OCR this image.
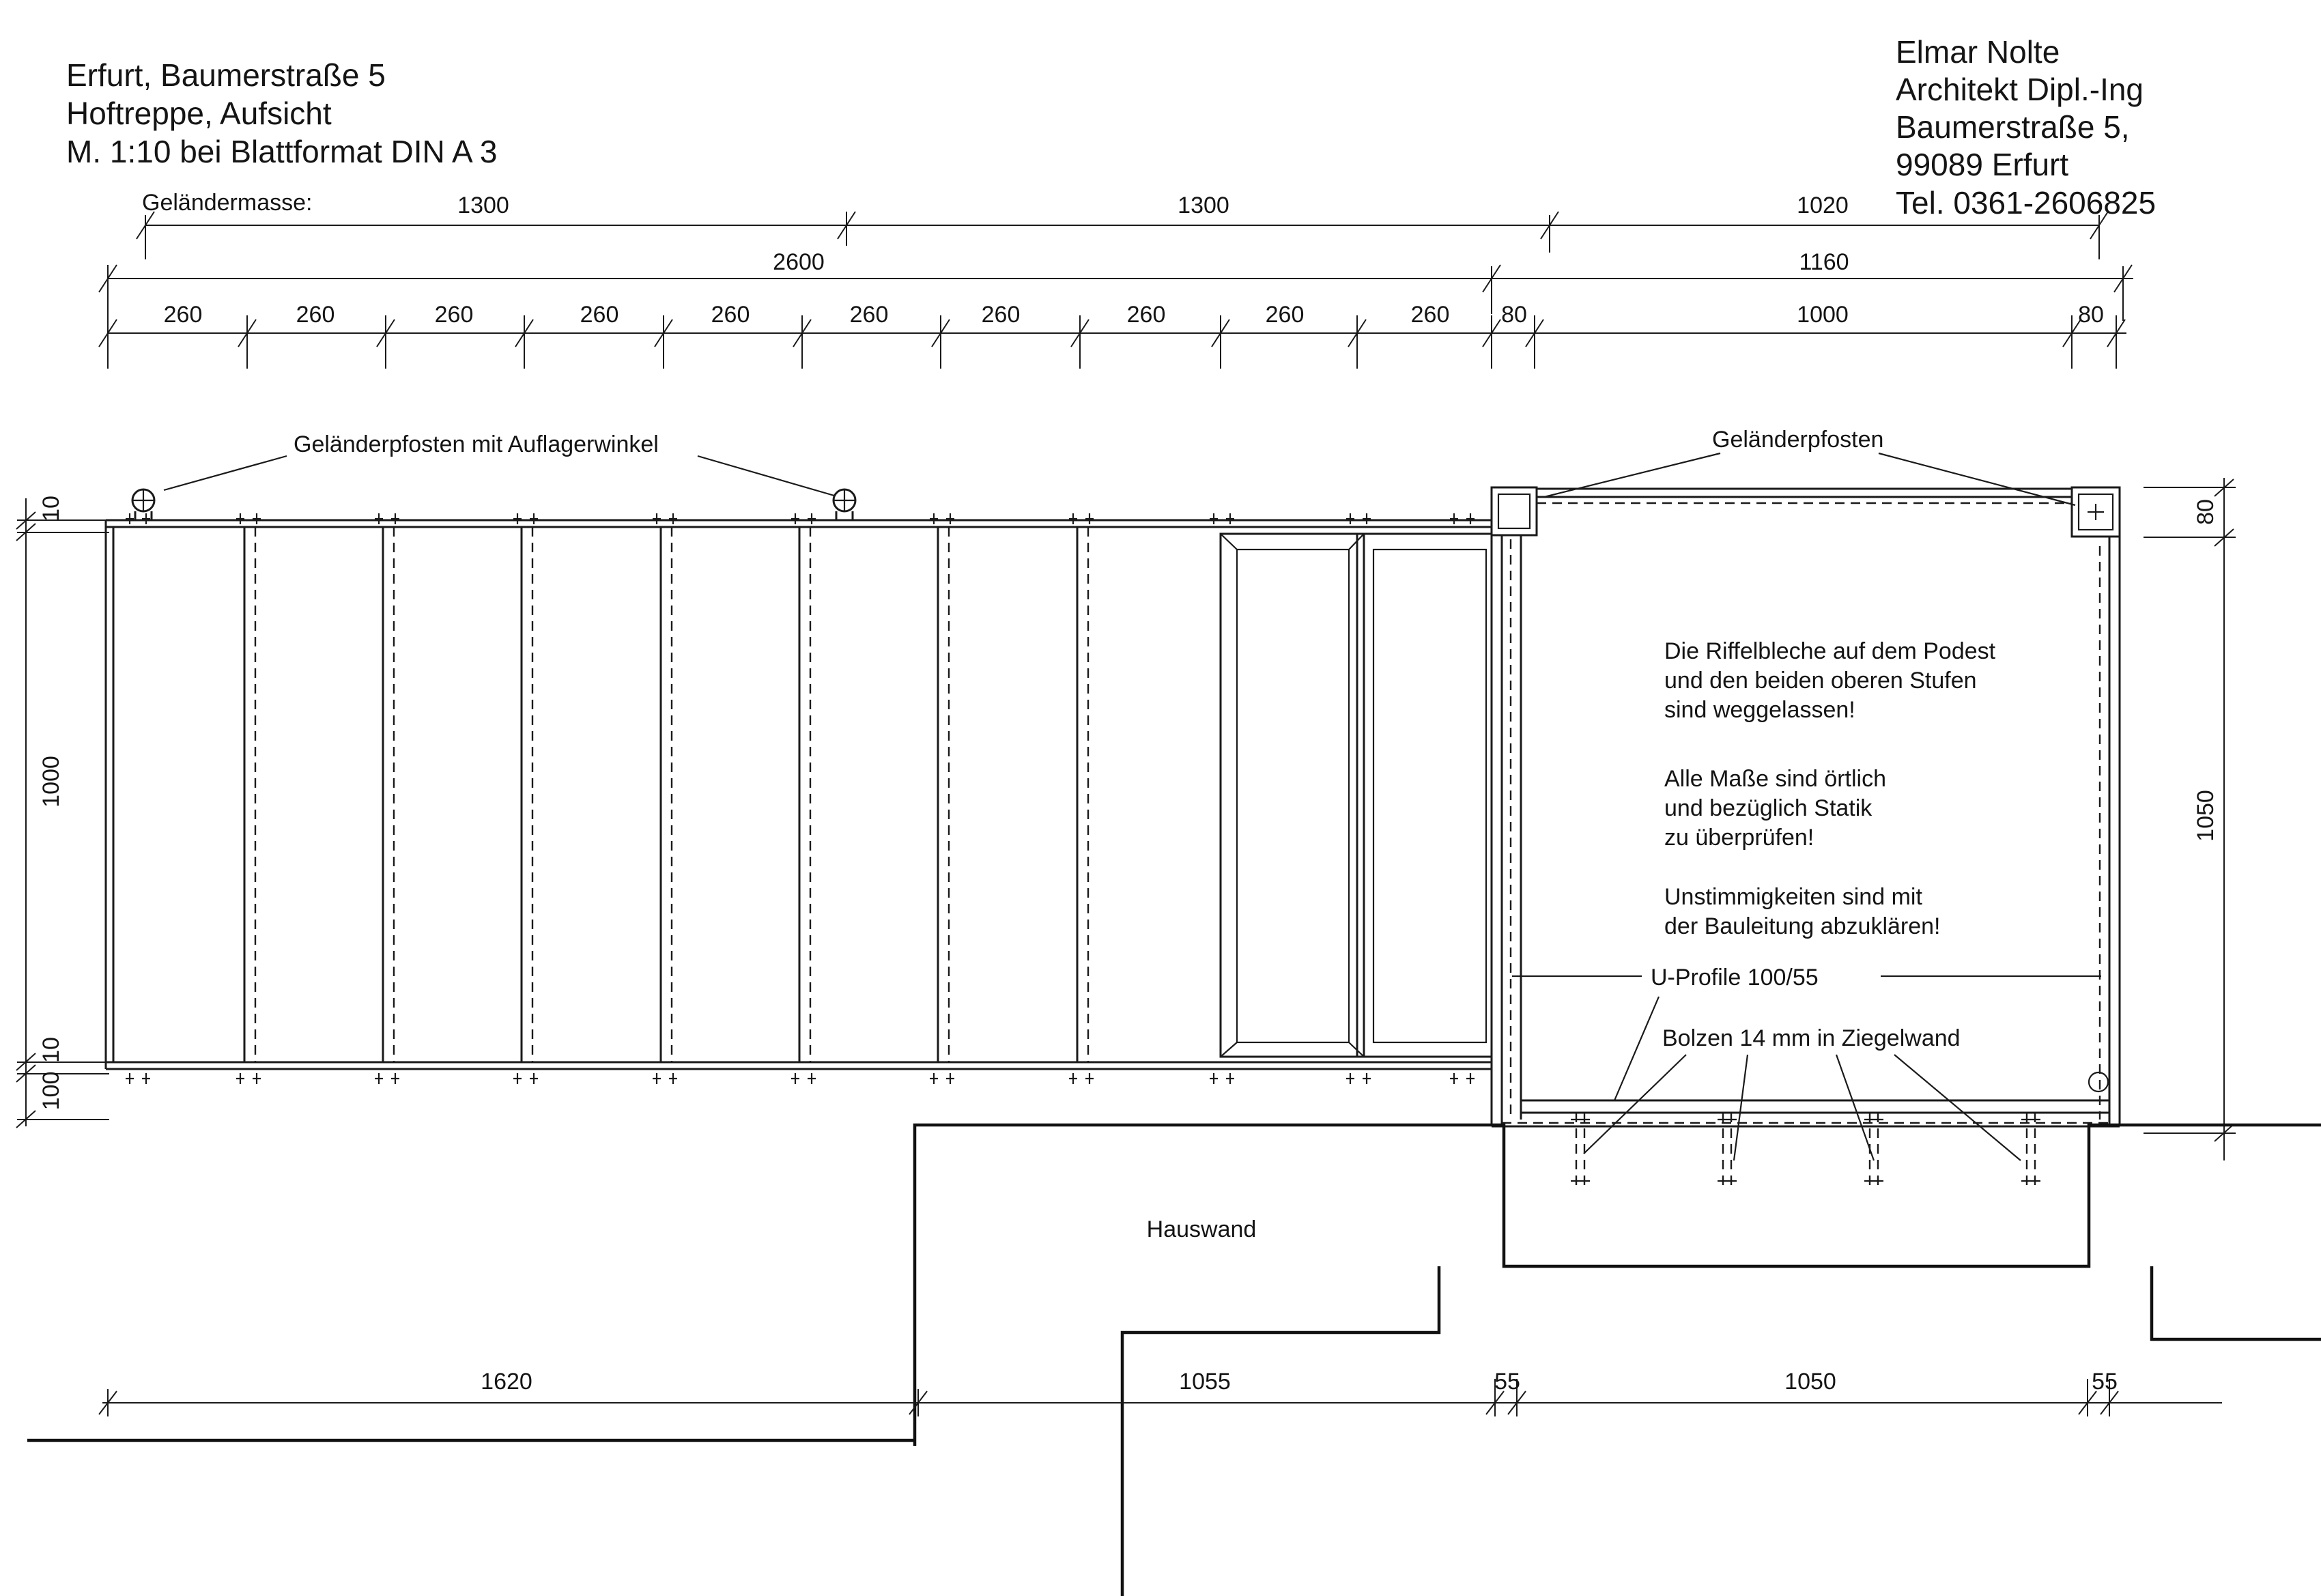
Erfurt, Baumerstraße 5
Hoftreppe, Aufsicht
M. 1:10 bei Blattformat DIN A 3
Elmar Nolte
Architekt Dipl.-Ing
Baumerstraße 5,
99089 Erfurt
Tel. 0361-2606825
Geländermasse:	1300	1300	1020
2600	1160
260	260	260	260	260	260	260	260	260	260 80	1000	80
10
1000
10
100
80
1050
Geländerpfosten mit Auflagerwinkel	Geländerpfosten
Die Riffelbleche auf dem Podest
und den beiden oberen Stufen
sind weggelassen!
Alle Maße sind örtlich
und bezüglich Statik
zu überprüfen!
Unstimmigkeiten sind mit
der Bauleitung abzuklären!
U-Profile 100/55
Bolzen 14 mm in Ziegelwand
Hauswand
1620	1055	55	1050	55
